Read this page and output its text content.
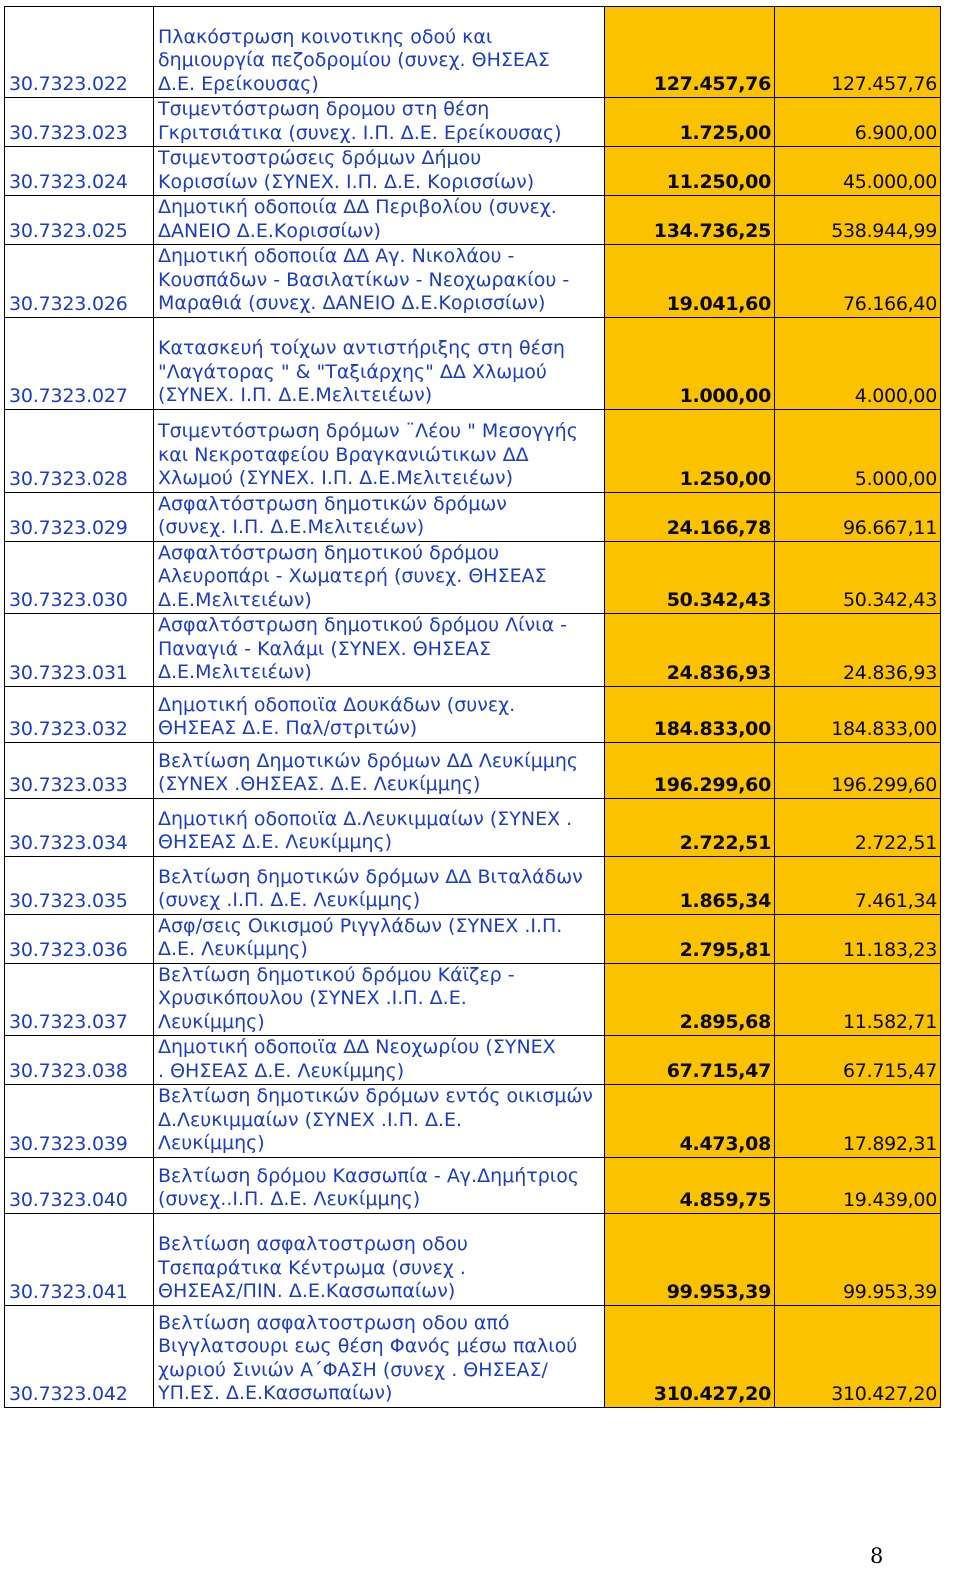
30.7323.022	Πλακόστρωση κοινοτικης οδού και
δημιουργία πεζοδρομίου (συνεχ. ΘΗΣΕΑΣ
Δ.Ε. Ερείκουσας)	127.457,76	127.457,76
30.7323.023	Τσιμεντόστρωση δρομου στη θέση
Γκριτσιάτικα (συνεχ. Ι.Π. Δ.Ε. Ερείκουσας)	1.725,00	6.900,00
30.7323.024	Τσιμεντοστρώσεις δρόμων Δήμου
Κορισσίων (ΣΥΝΕΧ. Ι.Π. Δ.Ε. Κορισσίων)	11.250,00	45.000,00
30.7323.025	Δημοτική οδοποιία ΔΔ Περιβολίου (συνεχ.
ΔΑΝΕΙΟ Δ.Ε.Κορισσίων)	134.736,25	538.944,99
30.7323.026	Δημοτική οδοποιία ΔΔ Αγ. Νικολάου -
Κουσπάδων - Βασιλατίκων - Νεοχωρακίου -
Μαραθιά (συνεχ. ΔΑΝΕΙΟ Δ.Ε.Κορισσίων)	19.041,60	76.166,40
30.7323.027	Κατασκευή τοίχων αντιστήριξης στη θέση
"Λαγάτορας " & "Ταξιάρχης" ΔΔ Χλωμού
(ΣΥΝΕΧ. Ι.Π. Δ.Ε.Μελιτειέων)	1.000,00	4.000,00
30.7323.028	Τσιμεντόστρωση δρόμων ¨Λέου " Μεσογγής
και Νεκροταφείου Βραγκανιώτικων ΔΔ
Χλωμού (ΣΥΝΕΧ. Ι.Π. Δ.Ε.Μελιτειέων)	1.250,00	5.000,00
30.7323.029	Ασφαλτόστρωση δημοτικών δρόμων
(συνεχ. Ι.Π. Δ.Ε.Μελιτειέων)	24.166,78	96.667,11
30.7323.030	Ασφαλτόστρωση δημοτικού δρόμου
Αλευροπάρι - Χωματερή (συνεχ. ΘΗΣΕΑΣ
Δ.Ε.Μελιτειέων)	50.342,43	50.342,43
30.7323.031	Ασφαλτόστρωση δημοτικού δρόμου Λίνια -
Παναγιά - Καλάμι (ΣΥΝΕΧ. ΘΗΣΕΑΣ
Δ.Ε.Μελιτειέων)	24.836,93	24.836,93
30.7323.032	Δημοτική οδοποιϊα Δουκάδων (συνεχ.
ΘΗΣΕΑΣ Δ.Ε. Παλ/στριτών)	184.833,00	184.833,00
30.7323.033	Βελτίωση Δημοτικών δρόμων ΔΔ Λευκίμμης
(ΣΥΝΕΧ .ΘΗΣΕΑΣ. Δ.Ε. Λευκίμμης)	196.299,60	196.299,60
30.7323.034	Δημοτική οδοποιϊα Δ.Λευκιμμαίων (ΣΥΝΕΧ .
ΘΗΣΕΑΣ Δ.Ε. Λευκίμμης)	2.722,51	2.722,51
30.7323.035	Βελτίωση δημοτικών δρόμων ΔΔ Βιταλάδων
(συνεχ .Ι.Π. Δ.Ε. Λευκίμμης)	1.865,34	7.461,34
30.7323.036	Ασφ/σεις Οικισμού Ριγγλάδων (ΣΥΝΕΧ .Ι.Π.
Δ.Ε. Λευκίμμης)	2.795,81	11.183,23
30.7323.037	Βελτίωση δημοτικού δρόμου Κάϊζερ -
Χρυσικόπουλου (ΣΥΝΕΧ .Ι.Π. Δ.Ε.
Λευκίμμης)	2.895,68	11.582,71
30.7323.038	Δημοτική οδοποιϊα ΔΔ Νεοχωρίου (ΣΥΝΕΧ
. ΘΗΣΕΑΣ Δ.Ε. Λευκίμμης)	67.715,47	67.715,47
30.7323.039	Βελτίωση δημοτικών δρόμων εντός οικισμών
Δ.Λευκιμμαίων (ΣΥΝΕΧ .Ι.Π. Δ.Ε.
Λευκίμμης)	4.473,08	17.892,31
30.7323.040	Βελτίωση δρόμου Κασσωπία - Αγ.Δημήτριος
(συνεχ..Ι.Π. Δ.Ε. Λευκίμμης)	4.859,75	19.439,00
30.7323.041	Βελτίωση ασφαλτοστρωση οδου
Τσεπαράτικα Κέντρωμα (συνεχ .
ΘΗΣΕΑΣ/ΠΙΝ. Δ.Ε.Κασσωπαίων)	99.953,39	99.953,39
30.7323.042	Βελτίωση ασφαλτοστρωση οδου από
Βιγγλατσουρι εως θέση Φανός μέσω παλιού
χωριού Σινιών Α΄ΦΑΣΗ (συνεχ . ΘΗΣΕΑΣ/
ΥΠ.ΕΣ. Δ.Ε.Κασσωπαίων)	310.427,20	310.427,20
8
